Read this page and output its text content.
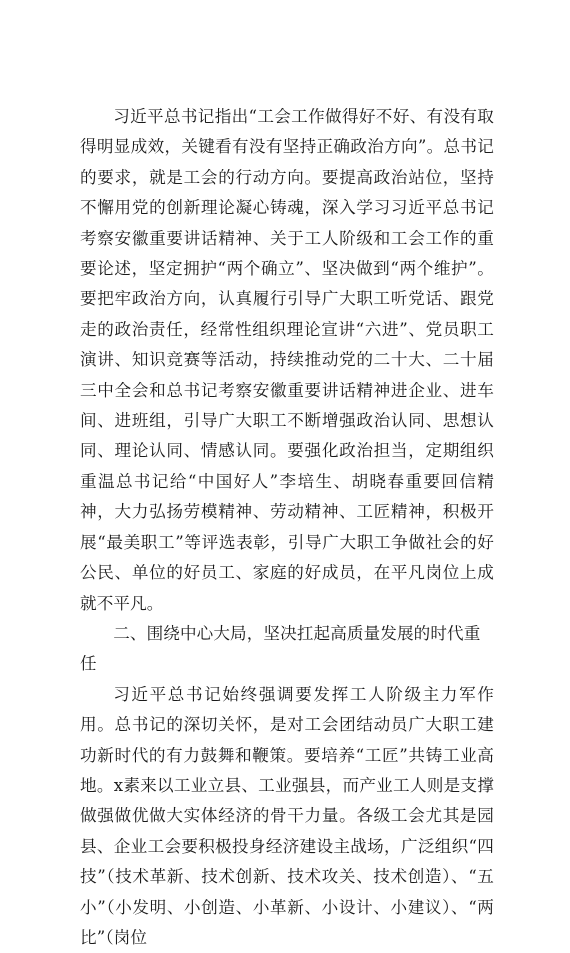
习近平总书记指出“工会工作做得好不好、有没有取得明显成效，关键看有没有坚持正确政治方向”。总书记的要求，就是工会的行动方向。要提高政治站位，坚持不懈用党的创新理论凝心铸魂，深入学习习近平总书记考察安徽重要讲话精神、关于工人阶级和工会工作的重要论述，坚定拥护“两个确立”、坚决做到“两个维护”。要把牢政治方向，认真履行引导广大职工听党话、跟党走的政治责任，经常性组织理论宣讲“六进”、党员职工演讲、知识竞赛等活动，持续推动党的二十大、二十届三中全会和总书记考察安徽重要讲话精神进企业、进车间、进班组，引导广大职工不断增强政治认同、思想认同、理论认同、情感认同。要强化政治担当，定期组织重温总书记给“中国好人”李培生、胡晓春重要回信精神，大力弘扬劳模精神、劳动精神、工匠精神，积极开展“最美职工”等评选表彰，引导广大职工争做社会的好公民、单位的好员工、家庭的好成员，在平凡岗位上成就不平凡。

二、围绕中心大局，坚决扛起高质量发展的时代重任

习近平总书记始终强调要发挥工人阶级主力军作用。总书记的深切关怀，是对工会团结动员广大职工建功新时代的有力鼓舞和鞭策。要培养“工匠”共铸工业高地。x素来以工业立县、工业强县，而产业工人则是支撑做强做优做大实体经济的骨干力量。各级工会尤其是园县、企业工会要积极投身经济建设主战场，广泛组织“四技”（技术革新、技术创新、技术攻关、技术创造）、“五小”（小发明、小创造、小革新、小设计、小建议）、“两比”（岗位
